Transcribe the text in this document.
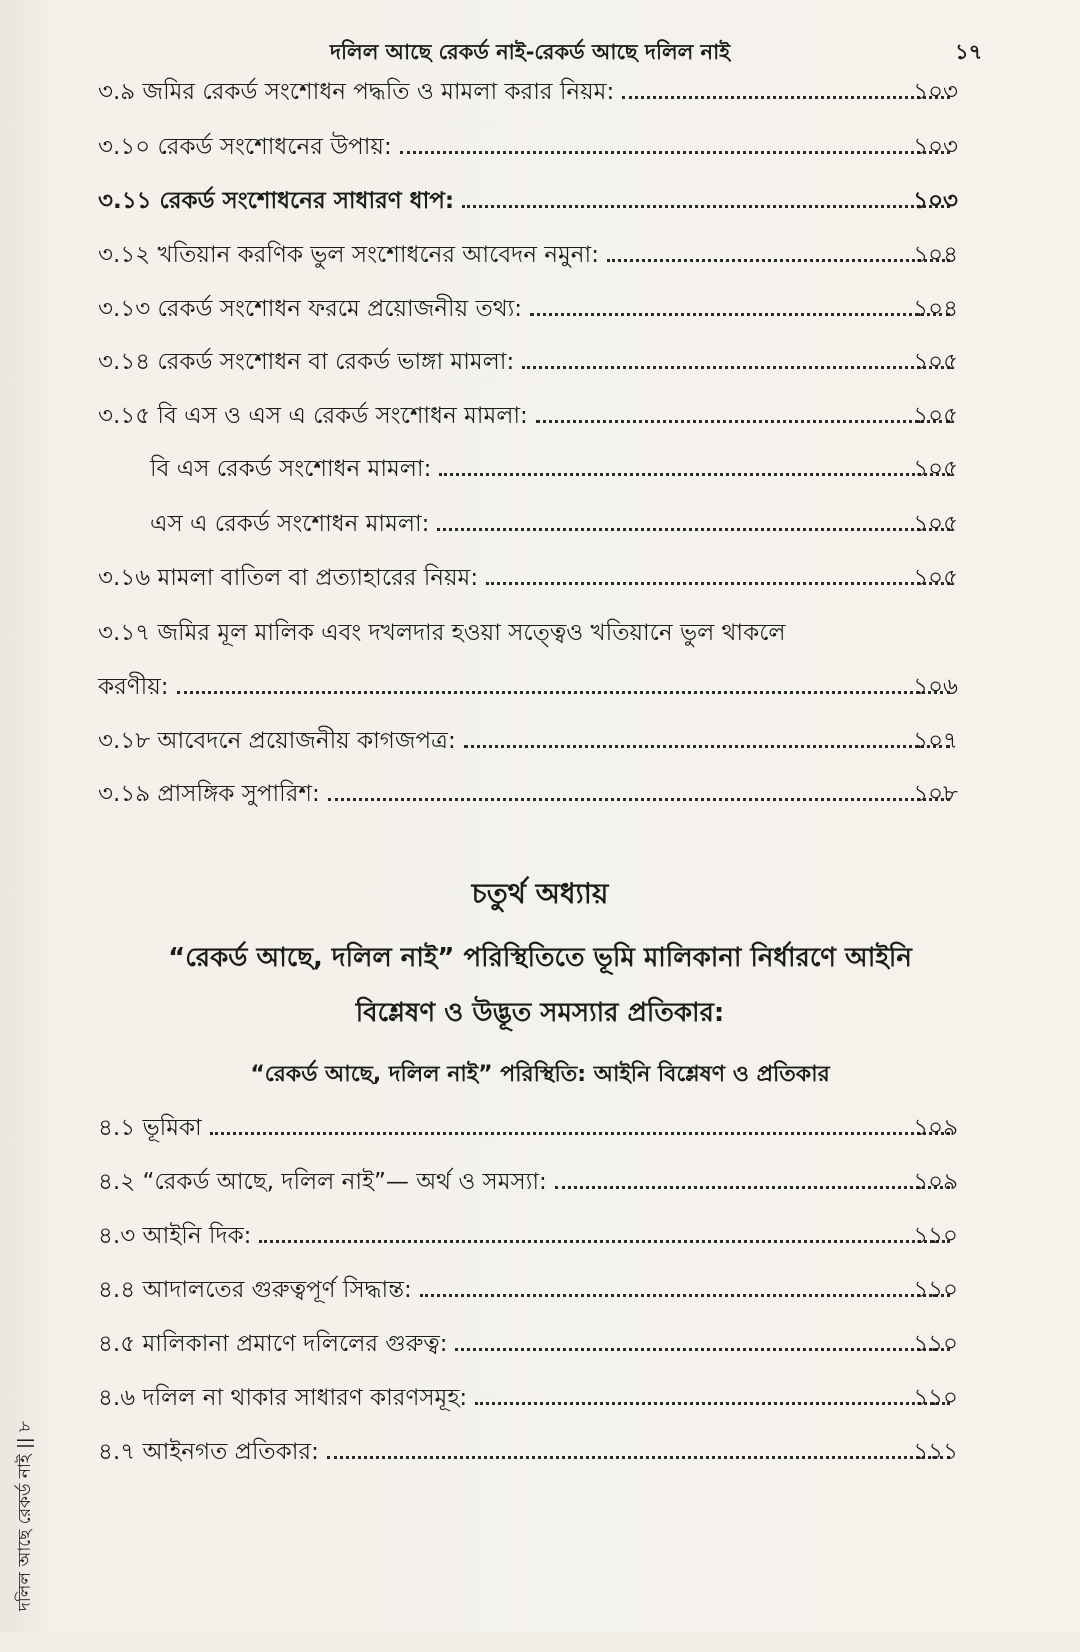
দলিল আছে রেকর্ড নাই-রেকর্ড আছে দলিল নাই	১৭
৩.৯ জমির রেকর্ড সংশোধন পদ্ধতি ও মামলা করার নিয়ম:	১০৩
৩.১০ রেকর্ড সংশোধনের উপায়:	১০৩
৩.১১ রেকর্ড সংশোধনের সাধারণ ধাপ:	১০৩
৩.১২ খতিয়ান করণিক ভুল সংশোধনের আবেদন নমুনা:	১০৪
৩.১৩ রেকর্ড সংশোধন ফরমে প্রয়োজনীয় তথ্য:	১০৪
৩.১৪ রেকর্ড সংশোধন বা রেকর্ড ভাঙ্গা মামলা:	১০৫
৩.১৫ বি এস ও এস এ রেকর্ড সংশোধন মামলা:	১০৫
বি এস রেকর্ড সংশোধন মামলা:	১০৫
এস এ রেকর্ড সংশোধন মামলা:	১০৫
৩.১৬ মামলা বাতিল বা প্রত্যাহারের নিয়ম:	১০৫
৩.১৭ জমির মূল মালিক এবং দখলদার হওয়া সত্ত্বেও খতিয়ানে ভুল থাকলে
করণীয়:	১০৬
৩.১৮ আবেদনে প্রয়োজনীয় কাগজপত্র:	১০৭
৩.১৯ প্রাসঙ্গিক সুপারিশ:	১০৮
চতুর্থ অধ্যায়
“রেকর্ড আছে, দলিল নাই” পরিস্থিতিতে ভূমি মালিকানা নির্ধারণে আইনি
বিশ্লেষণ ও উদ্ভূত সমস্যার প্রতিকার:
“রেকর্ড আছে, দলিল নাই” পরিস্থিতি: আইনি বিশ্লেষণ ও প্রতিকার
৪.১ ভূমিকা	১০৯
৪.২ “রেকর্ড আছে, দলিল নাই”— অর্থ ও সমস্যা:	১০৯
৪.৩ আইনি দিক:	১১০
৪.৪ আদালতের গুরুত্বপূর্ণ সিদ্ধান্ত:	১১০
৪.৫ মালিকানা প্রমাণে দলিলের গুরুত্ব:	১১০
৪.৬ দলিল না থাকার সাধারণ কারণসমূহ:	১১০
৪.৭ আইনগত প্রতিকার:	১১১
দলিল আছে রেকর্ড নাই || ৮
